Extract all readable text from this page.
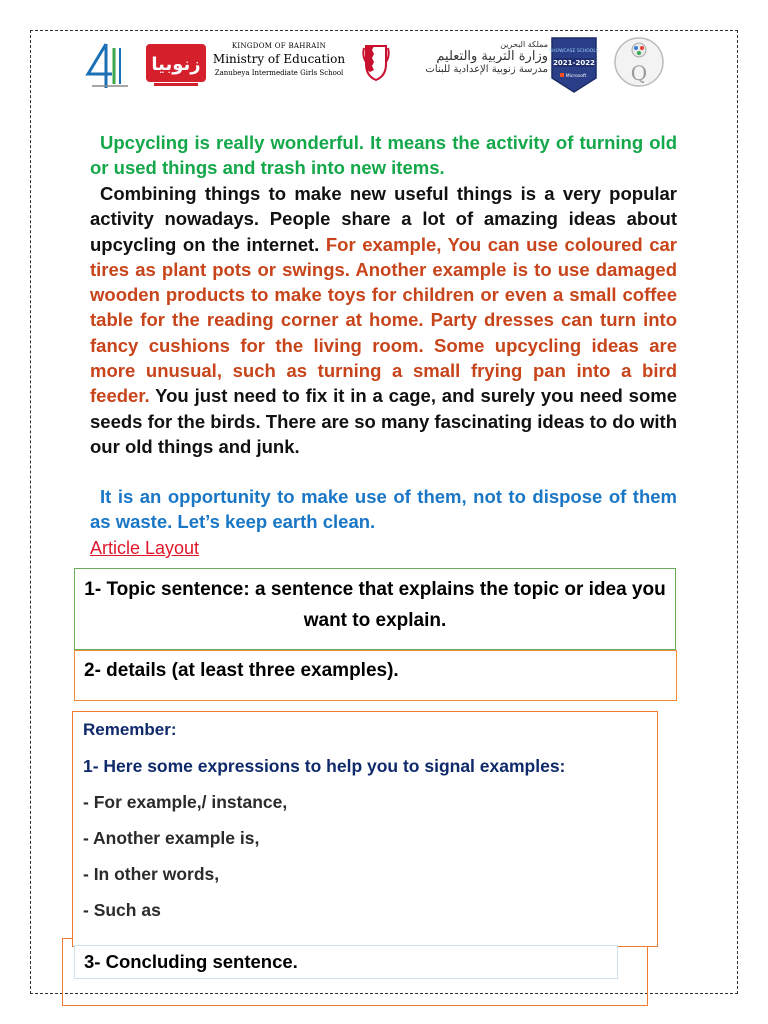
زنوبيا
KINGDOM OF BAHRAIN
Ministry of Education
Zanubeya Intermediate Girls School
مملكة البحرين
وزارة التربية والتعليم
مدرسة زنوبية الإعدادية للبنات
SHOWCASE SCHOOLS
2021-2022
Microsoft Q
Upcycling is really wonderful. It means the activity of turning old or used things and trash into new items.
Combining things to make new useful things is a very popular activity nowadays. People share a lot of amazing ideas about upcycling on the internet. For example, You can use coloured car tires as plant pots or swings. Another example is to use damaged wooden products to make toys for children or even a small coffee table for the reading corner at home. Party dresses can turn into fancy cushions for the living room. Some upcycling ideas are more unusual, such as turning a small frying pan into a bird feeder. You just need to fix it in a cage, and surely you need some seeds for the birds. There are so many fascinating ideas to do with our old things and junk.
It is an opportunity to make use of them, not to dispose of them as waste. Let’s keep earth clean.
Article Layout
1- Topic sentence: a sentence that explains the topic or idea you want to explain.
2- details (at least three examples).
Remember:
1- Here some expressions to help you to signal examples:
- For example,/ instance,
- Another example is,
- In other words,
- Such as
3- Concluding sentence.
